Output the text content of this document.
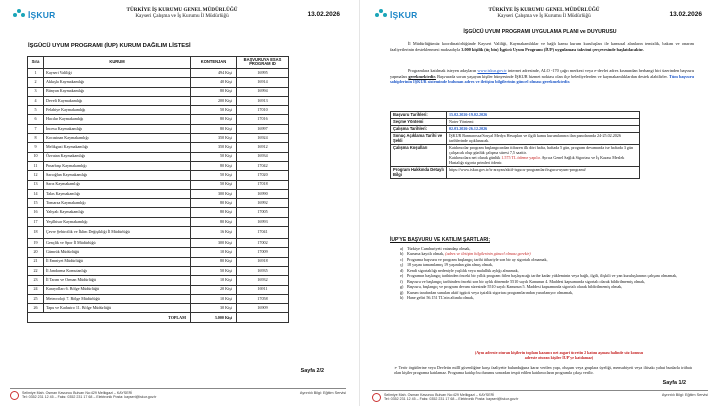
İŞKUR	TÜRKİYE İŞ KURUMU GENEL MÜDÜRLÜĞÜ
Kayseri Çalışma ve İş Kurumu İl Müdürlüğü	13.02.2026
İŞGÜCÜ UYUM PROGRAMI (İUP) KURUM DAĞILIM LİSTESİ
Sıra	KURUM	KONTENJAN	BAŞVURUYA ESAS PROGRAM ID
1	Kayseri Valiliği	494 Kişi	16995
2	Akkışla Kaymakamlığı	40 Kişi	16914
3	Bünyan Kaymakamlığı	80 Kişi	16994
4	Develi Kaymakamlığı	200 Kişi	16913
5	Felahiye Kaymakamlığı	50 Kişi	17010
6	Hacılar Kaymakamlığı	80 Kişi	17016
7	İncesu Kaymakamlığı	80 Kişi	16997
8	Kocasinan Kaymakamlığı	350 Kişi	16924
9	Melikgazi Kaymakamlığı	350 Kişi	16912
10	Özvatan Kaymakamlığı	50 Kişi	16934
11	Pınarbaşı Kaymakamlığı	80 Kişi	17042
12	Sarıoğlan Kaymakamlığı	50 Kişi	17020
13	Sarız Kaymakamlığı	50 Kişi	17018
14	Talas Kaymakamlığı	300 Kişi	16990
15	Tomarza Kaymakamlığı	80 Kişi	16992
16	Yahyalı Kaymakamlığı	80 Kişi	17005
17	Yeşilhisar Kaymakamlığı	80 Kişi	16993
18	Çevre Şehircilik ve İklim Değişikliği İl Müdürlüğü	16 Kişi	17041
19	Gençlik ve Spor İl Müdürlüğü	300 Kişi	17002
20	Gümrük Müdürlüğü	10 Kişi	17009
21	İl Emniyet Müdürlüğü	80 Kişi	16918
22	İl Jandarma Komutanlığı	50 Kişi	16935
23	İl Tarım ve Orman Müdürlüğü	10 Kişi	16932
24	Karayolları 6. Bölge Müdürlüğü	20 Kişi	16911
25	Meteoroloji 7. Bölge Müdürlüğü	10 Kişi	17058
26	Tapu ve Kadastro 11. Bölge Müdürlüğü	30 Kişi	16909
TOPLAM		3.000 Kişi	
Sayfa 2/2
Selimiye Mah. Osman Kavuncu Bulvarı No:429 Melikgazi – KAYSERİ
Tel: 0352 231 12 45 – Faks: 0352 231 17 68 – Elektronik Posta: kayseri@iskur.gov.tr
Ayrıntılı Bilgi: Eğitim Servisi
İŞKUR	TÜRKİYE İŞ KURUMU GENEL MÜDÜRLÜĞÜ
Kayseri Çalışma ve İş Kurumu İl Müdürlüğü	13.02.2026
İŞGÜCÜ UYUM PROGRAMI UYGULAMA PLANI ve DUYURUSU

İl Müdürlüğümüz koordinatörlüğünde Kayseri Valiliği, Kaymakamlıklar ve bağlı kamu kurum kuruluşları ile kamusal alanların temizlik, bakım ve onarım faaliyetlerinin desteklenmesi maksadıyla 3.000 kişilik (üç bin) İşgücü Uyum Programı (İUP) uygulaması takvimi çerçevesinde başlatılacaktır.

Programlara katılmak isteyen adayların www.iskur.gov.tr internet adresinde, ALO -170 çağrı merkezi veya e-devlet adres kısmından herhangi biri üzerinden başvuru yapmaları gerekmektedir. Başvurada sorun yaşayan kişiler bünyesinde İŞKUR hizmet noktası olan ilçe belediyelerden ve kaymakamlıklardan destek alabilirler. Tüm başvuru sahiplerinin İŞKUR sisteminde bulunan adres ve iletişim bilgilerinin güncel olması gerekmektedir.

Başvuru Tarihleri:	15.02.2026-19.02.2026
Seçme Yöntemi	Noter Yöntemi
Çalışma Tarihleri:	02.03.2026-26.12.2026
Sonuç Açıklama Tarihi ve Şekli	İŞKUR Bannarossa/Sosyal Medya Hesapları ve ilgili kamu kurumlarının ilan panolarında 24-25.02.2026 tarihlerinde açıklanacak.
Çalışma Koşulları	Katılımcılar program başlangıcından itibaren ilk dört hafta, haftada 5 gün, program devamında ise haftada 3 gün çalışacak olup günlük çalışma süresi 7,5 saattir.
Katılımcılara net olarak günlük 1.575 TL ödeme yapılır. Ayrıca Genel Sağlık Sigortası ve İş Kazası Meslek Hastalığı sigorta primleri ödenir.
Program Hakkında Detaylı Bilgi	https://www.iskur.gov.tr/is-arayan/aktif-isgucu-programlari/isgucu-uyum-programi/
İUP'YE BAŞVURU VE KATILIM ŞARTLARI;
a) Türkiye Cumhuriyeti vatandaşı olmak,
b) Kuruma kayıtlı olmak, (adres ve iletişim bilgilerinin güncel olması gerekir)
c) Programa başvuru ve program başlangıç tarihi itibariyle son bir ay sigortalı olmamak,
ç) 18 yaşını tamamlamış 19 yaşından gün almış olmak,
d) Kendi sigortalılığı nedeniyle yaşlılık veya malullük aylığı almamak,
e) Programın başlangıç tarihinden önceki bir yıllık program fiilen başlayacağı tarihe kadar yükleminin veya bağlı, ilgili, ilişkili ve yan kuruluşlarının çalışanı olmamak,
f) Başvuru ve başlangıç tarihinden önceki son bir aylık dönemde 5510 sayılı Kanunun 4. Maddesi kapsamında sigortalı olarak bildirilmemiş olmak,
g) Başvuru, başlangıç ve program devam süresinde 5510 sayılı Kanunun 5. Maddesi kapsamında sigortalı olarak bildirilmemiş olmak,
ğ) Kurum tarafından sunulan aktif işgücü veya işsizlik sigortası programlarından yararlanıyor olmamak,
h) Hane geliri 56.151 TL'nin altında olmak,
(Aynı adreste oturan kişilerin toplam kazancı net asgari ücretin 2 katını aşması halinde söz konusu
adreste oturan kişiler İUP'ye katılamaz)

➢ Terör örgütlerine veya Devletin millî güvenliğine karşı faaliyette bulunduğuna karar verilen yapı, oluşum veya gruplara üyeliği, mensubiyeti veya iltisakı yahut bunlarla irtibatı olan kişiler programa katılamaz. Programa katılıp bu durumu sonradan tespit edilen katılımcıların programla çıkışı verilir.

Sayfa 1/2
Selimiye Mah. Osman Kavuncu Bulvarı No:429 Melikgazi – KAYSERİ
Tel: 0352 231 12 45 – Faks: 0352 231 17 68 – Elektronik Posta: kayseri@iskur.gov.tr
Ayrıntılı Bilgi: Eğitim Servisi
